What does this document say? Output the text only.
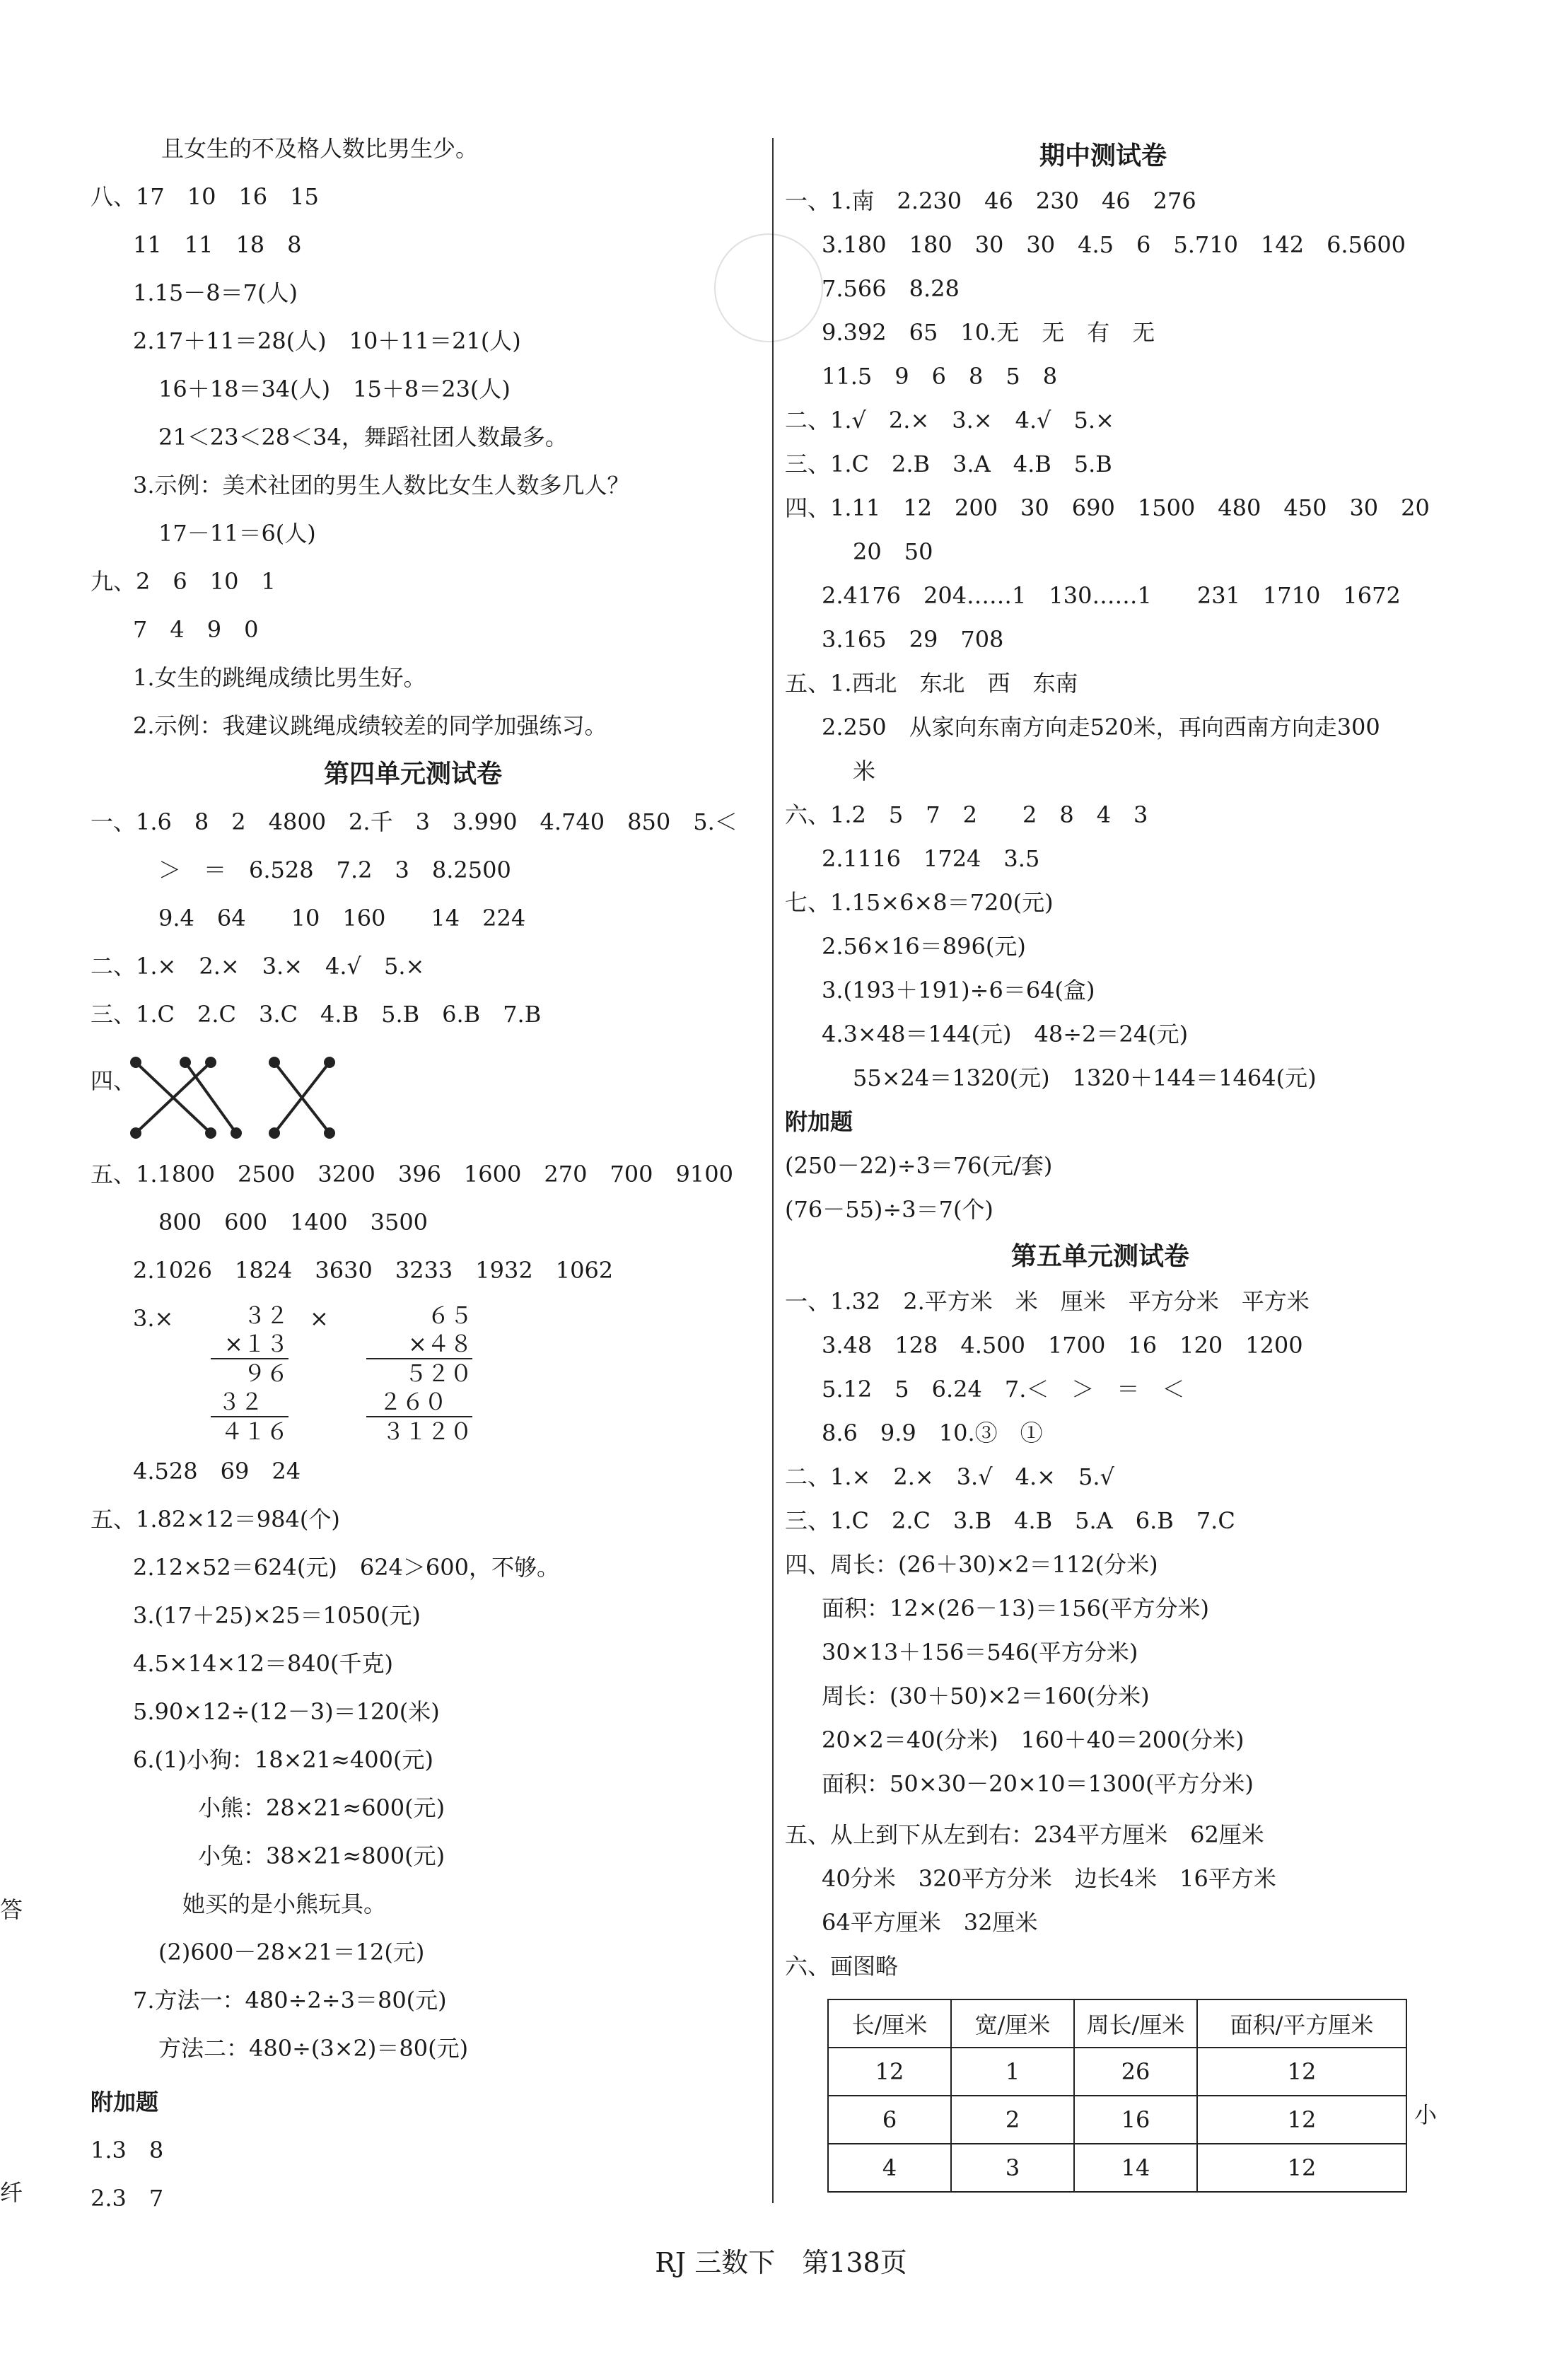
且女生的不及格人数比男生少。
八、17　10　16　15
11　11　18　8
1.15－8＝7(人)
2.17＋11＝28(人)　10＋11＝21(人)
16＋18＝34(人)　15＋8＝23(人)
21＜23＜28＜34，舞蹈社团人数最多。
3.示例：美术社团的男生人数比女生人数多几人？
17－11＝6(人)
九、2　6　10　1
7　4　9　0
1.女生的跳绳成绩比男生好。
2.示例：我建议跳绳成绩较差的同学加强练习。
第四单元测试卷
一、1.6　8　2　4800　2.千　3　3.990　4.740　850　5.＜
＞　＝　6.528　7.2　3　8.2500
9.4　64　　10　160　　14　224
二、1.×　2.×　3.×　4.√　5.×
三、1.C　2.C　3.C　4.B　5.B　6.B　7.B
四、
五、1.1800　2500　3200　396　1600　270　700　9100
800　600　1400　3500
2.1026　1824　3630　3233　1932　1062
3.×	×
３２
×１３
９６
３２
４１６
６５
×４８
５２０
２６０
３１２０
4.528　69　24
五、1.82×12＝984(个)
2.12×52＝624(元)　624＞600，不够。
3.(17＋25)×25＝1050(元)
4.5×14×12＝840(千克)
5.90×12÷(12－3)＝120(米)
6.(1)小狗：18×21≈400(元)
小熊：28×21≈600(元)
小兔：38×21≈800(元)
她买的是小熊玩具。
(2)600－28×21＝12(元)
7.方法一：480÷2÷3＝80(元)
方法二：480÷(3×2)＝80(元)
附加题
1.3　8
2.3　7
期中测试卷
一、1.南　2.230　46　230　46　276
3.180　180　30　30　4.5　6　5.710　142　6.5600
7.566　8.28
9.392　65　10.无　无　有　无
11.5　9　6　8　5　8
二、1.√　2.×　3.×　4.√　5.×
三、1.C　2.B　3.A　4.B　5.B
四、1.11　12　200　30　690　1500　480　450　30　20
20　50
2.4176　204……1　130……1　　231　1710　1672
3.165　29　708
五、1.西北　东北　西　东南
2.250　从家向东南方向走520米，再向西南方向走300
米
六、1.2　5　7　2　　2　8　4　3
2.1116　1724　3.5
七、1.15×6×8＝720(元)
2.56×16＝896(元)
3.(193＋191)÷6＝64(盒)
4.3×48＝144(元)　48÷2＝24(元)
55×24＝1320(元)　1320＋144＝1464(元)
附加题
(250－22)÷3＝76(元/套)
(76－55)÷3＝7(个)
第五单元测试卷
一、1.32　2.平方米　米　厘米　平方分米　平方米
3.48　128　4.500　1700　16　120　1200
5.12　5　6.24　7.＜　＞　＝　＜
8.6　9.9　10.③　①
二、1.×　2.×　3.√　4.×　5.√
三、1.C　2.C　3.B　4.B　5.A　6.B　7.C
四、周长：(26＋30)×2＝112(分米)
面积：12×(26－13)＝156(平方分米)
30×13＋156＝546(平方分米)
周长：(30＋50)×2＝160(分米)
20×2＝40(分米)　160＋40＝200(分米)
面积：50×30－20×10＝1300(平方分米)
五、从上到下从左到右：234平方厘米　62厘米
40分米　320平方分米　边长4米　16平方米
64平方厘米　32厘米
六、画图略
长/厘米	宽/厘米	周长/厘米	面积/平方厘米
12	1	26	12
6	2	16	12
4	3	14	12
小
答
纤
RJ 三数下　第138页
